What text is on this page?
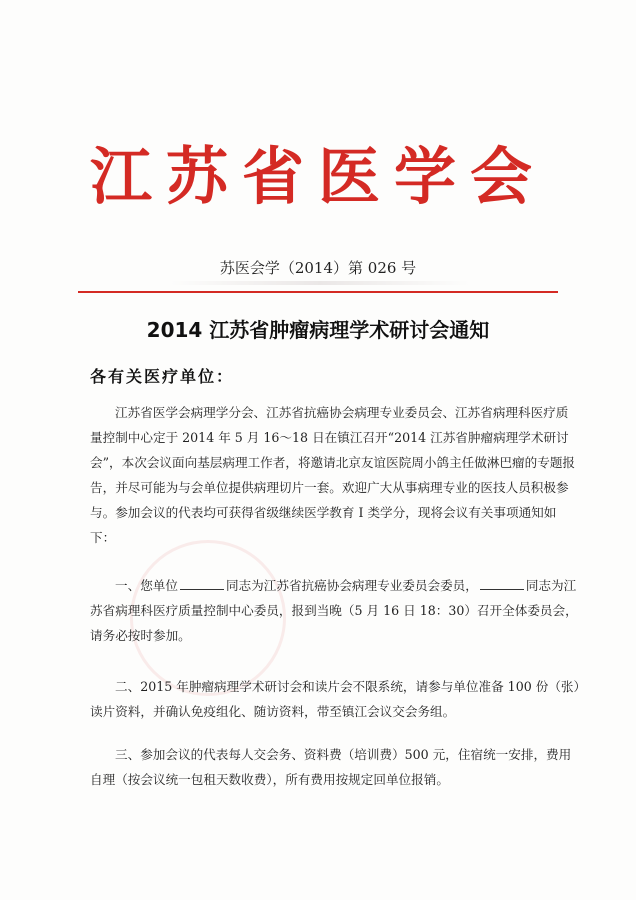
江苏省医学会
苏医会学（2014）第 026 号
2014 江苏省肿瘤病理学术研讨会通知
各有关医疗单位：

江苏省医学会病理学分会、江苏省抗癌协会病理专业委员会、江苏省病理科医疗质量控制中心定于 2014 年 5 月 16～18 日在镇江召开“2014 江苏省肿瘤病理学术研讨会”，本次会议面向基层病理工作者，将邀请北京友谊医院周小鸽主任做淋巴瘤的专题报告，并尽可能为与会单位提供病理切片一套。欢迎广大从事病理专业的医技人员积极参与。参加会议的代表均可获得省级继续医学教育 I 类学分，现将会议有关事项通知如下：

一、您单位	同志为江苏省抗癌协会病理专业委员会委员，	同志为江苏省病理科医疗质量控制中心委员，报到当晚（5 月 16 日 18：30）召开全体委员会，请务必按时参加。

二、2015 年肿瘤病理学术研讨会和读片会不限系统，请参与单位准备 100 份（张）读片资料，并确认免疫组化、随访资料，带至镇江会议交会务组。

三、参加会议的代表每人交会务、资料费（培训费）500 元，住宿统一安排，费用自理（按会议统一包租天数收费），所有费用按规定回单位报销。
